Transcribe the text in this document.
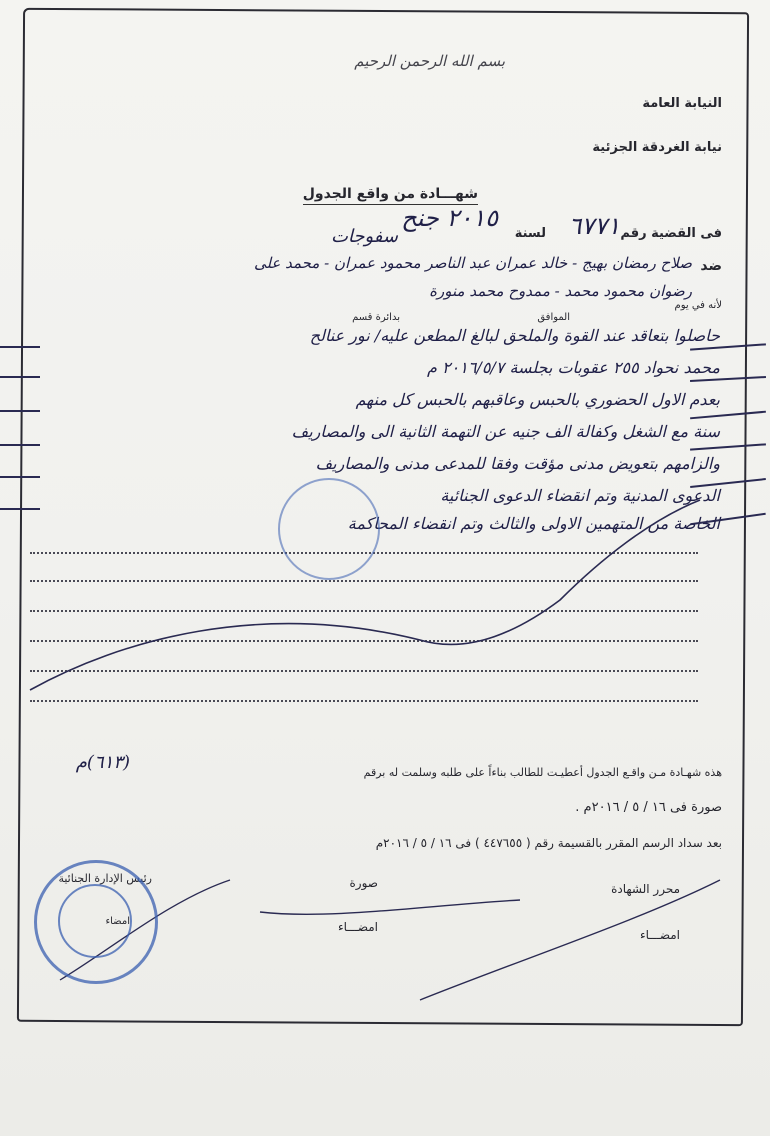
بسم الله الرحمن الرحيم
النيابة العامة
نيابة الغردقة الجزئية
شهـــادة من واقع الجدول
فى القضية رقم
٦٧٧١
لسنة
٢٠١٥ جنح
سفوجات
ضد
صلاح رمضان بهيج - خالد عمران عبد الناصر محمود عمران - محمد على
رضوان محمود محمد - ممدوح محمد منورة
لأنه في يوم
الموافق
بدائرة قسم
حاصلوا بتعاقد عند القوة والملحق لبالغ المطعن عليه/ نور عنالح
محمد نحواد ٢٥٥ عقوبات بجلسة ٢٠١٦/٥/٧ م
بعدم الاول الحضوري بالحبس وعاقبهم بالحبس كل منهم
سنة مع الشغل وكفالة الف جنيه عن التهمة الثانية الى والمصاريف
والزامهم بتعويض مدنى مؤقت وفقا للمدعى مدنى والمصاريف
الدعوى المدنية وتم انقضاء الدعوى الجنائية
الخاصة من المتهمين الاولى والثالث وتم انقضاء المحاكمة
هذه شهـادة مـن واقـع الجدول أعطيـت للطالب بناءاً على طلبه وسلمت له برقم
(٦١٣)م
صورة فى ١٦ / ٥ / ٢٠١٦م .
بعد سداد الرسم المقرر بالقسيمة رقم ( ٤٤٧٦٥٥ ) فى ١٦ / ٥ / ٢٠١٦م
رئيس الإدارة الجنائية
امضاء
صورة
امضـــاء
محرر الشهادة
امضـــاء
